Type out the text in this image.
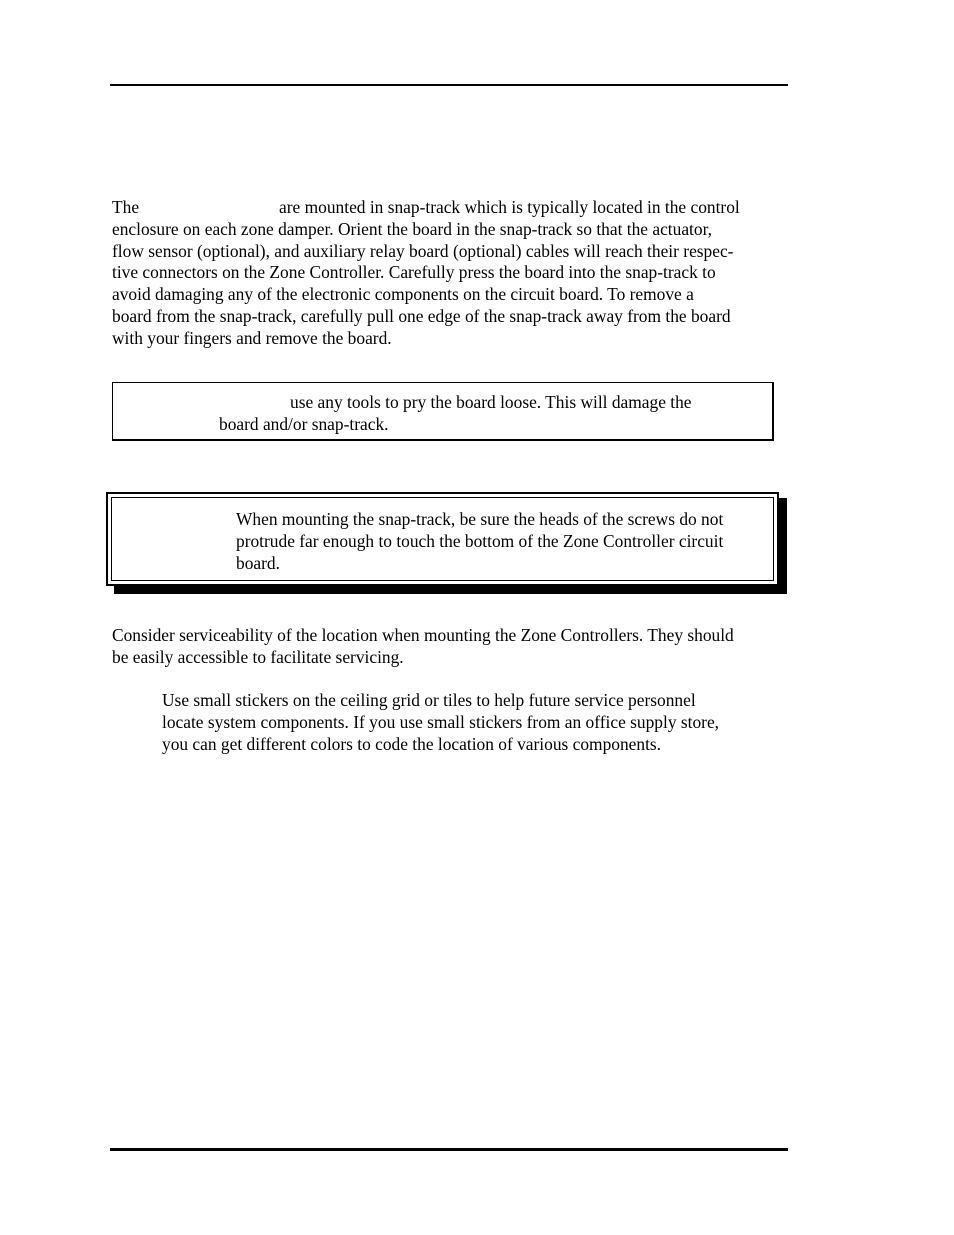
The	are mounted in snap-track which is typically located in the control
enclosure on each zone damper. Orient the board in the snap-track so that the actuator,
flow sensor (optional), and auxiliary relay board (optional) cables will reach their respec-
tive connectors on the Zone Controller. Carefully press the board into the snap-track to
avoid damaging any of the electronic components on the circuit board. To remove a
board from the snap-track, carefully pull one edge of the snap-track away from the board
with your fingers and remove the board.

use any tools to pry the board loose. This will damage the
board and/or snap-track.
When mounting the snap-track, be sure the heads of the screws do not
protrude far enough to touch the bottom of the Zone Controller circuit
board.

Consider serviceability of the location when mounting the Zone Controllers. They should
be easily accessible to facilitate servicing.

Use small stickers on the ceiling grid or tiles to help future service personnel
locate system components. If you use small stickers from an office supply store,
you can get different colors to code the location of various components.
